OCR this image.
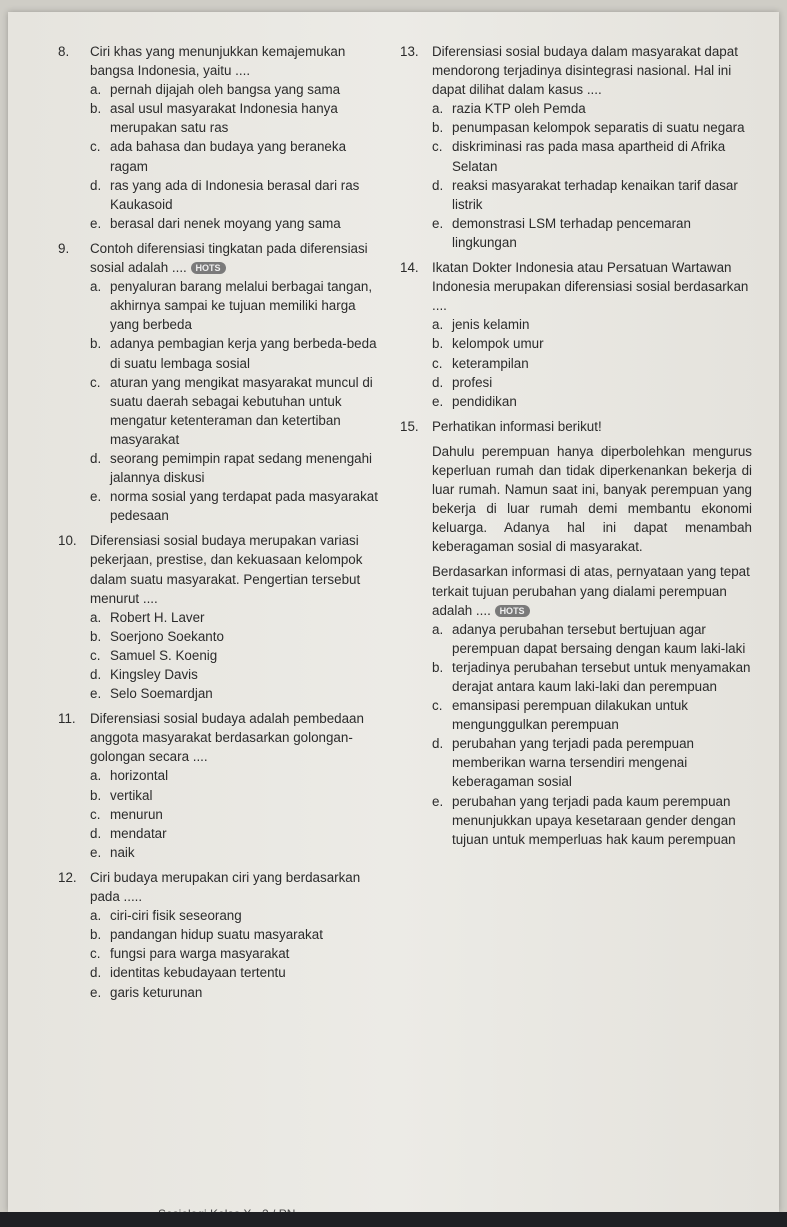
8.	Ciri khas yang menunjukkan kemajemukan bangsa Indonesia, yaitu ....

a. pernah dijajah oleh bangsa yang sama
b. asal usul masyarakat Indonesia hanya merupakan satu ras
c. ada bahasa dan budaya yang beraneka ragam
d. ras yang ada di Indonesia berasal dari ras Kaukasoid
e. berasal dari nenek moyang yang sama
9.	Contoh diferensiasi tingkatan pada diferensiasi sosial adalah .... HOTS

a. penyaluran barang melalui berbagai tangan, akhirnya sampai ke tujuan memiliki harga yang berbeda
b. adanya pembagian kerja yang berbeda-beda di suatu lembaga sosial
c. aturan yang mengikat masyarakat muncul di suatu daerah sebagai kebutuhan untuk mengatur ketenteraman dan ketertiban masyarakat
d. seorang pemimpin rapat sedang menengahi jalannya diskusi
e. norma sosial yang terdapat pada masyarakat pedesaan
10. Diferensiasi sosial budaya merupakan variasi pekerjaan, prestise, dan kekuasaan kelompok dalam suatu masyarakat. Pengertian tersebut menurut ....

a. Robert H. Laver
b. Soerjono Soekanto
c. Samuel S. Koenig
d. Kingsley Davis
e. Selo Soemardjan
11.	Diferensiasi sosial budaya adalah pembedaan anggota masyarakat berdasarkan golongan-golongan secara ....

a. horizontal
b. vertikal
c. menurun
d. mendatar
e. naik
12. Ciri budaya merupakan ciri yang berdasarkan pada .....

a. ciri-ciri fisik seseorang
b. pandangan hidup suatu masyarakat
c. fungsi para warga masyarakat
d. identitas kebudayaan tertentu
e. garis keturunan
13. Diferensiasi sosial budaya dalam masyarakat dapat mendorong terjadinya disintegrasi nasional. Hal ini dapat dilihat dalam kasus ....

a. razia KTP oleh Pemda
b. penumpasan kelompok separatis di suatu negara
c. diskriminasi ras pada masa apartheid di Afrika Selatan
d. reaksi masyarakat terhadap kenaikan tarif dasar listrik
e. demonstrasi LSM terhadap pencemaran lingkungan
14. Ikatan Dokter Indonesia atau Persatuan Wartawan Indonesia merupakan diferensiasi sosial berdasarkan ....

a. jenis kelamin
b. kelompok umur
c. keterampilan
d. profesi
e. pendidikan
15. Perhatikan informasi berikut!

Dahulu perempuan hanya diperbolehkan mengurus keperluan rumah dan tidak diperkenankan bekerja di luar rumah. Namun saat ini, banyak perempuan yang bekerja di luar rumah demi membantu ekonomi keluarga. Adanya hal ini dapat menambah keberagaman sosial di masyarakat.

Berdasarkan informasi di atas, pernyataan yang tepat terkait tujuan perubahan yang dialami perempuan adalah .... HOTS

a. adanya perubahan tersebut bertujuan agar perempuan dapat bersaing dengan kaum laki-laki
b. terjadinya perubahan tersebut untuk menyamakan derajat antara kaum laki-laki dan perempuan
c. emansipasi perempuan dilakukan untuk mengunggulkan perempuan
d. perubahan yang terjadi pada perempuan memberikan warna tersendiri mengenai keberagaman sosial
e. perubahan yang terjadi pada kaum perempuan menunjukkan upaya kesetaraan gender dengan tujuan untuk memperluas hak kaum perempuan
